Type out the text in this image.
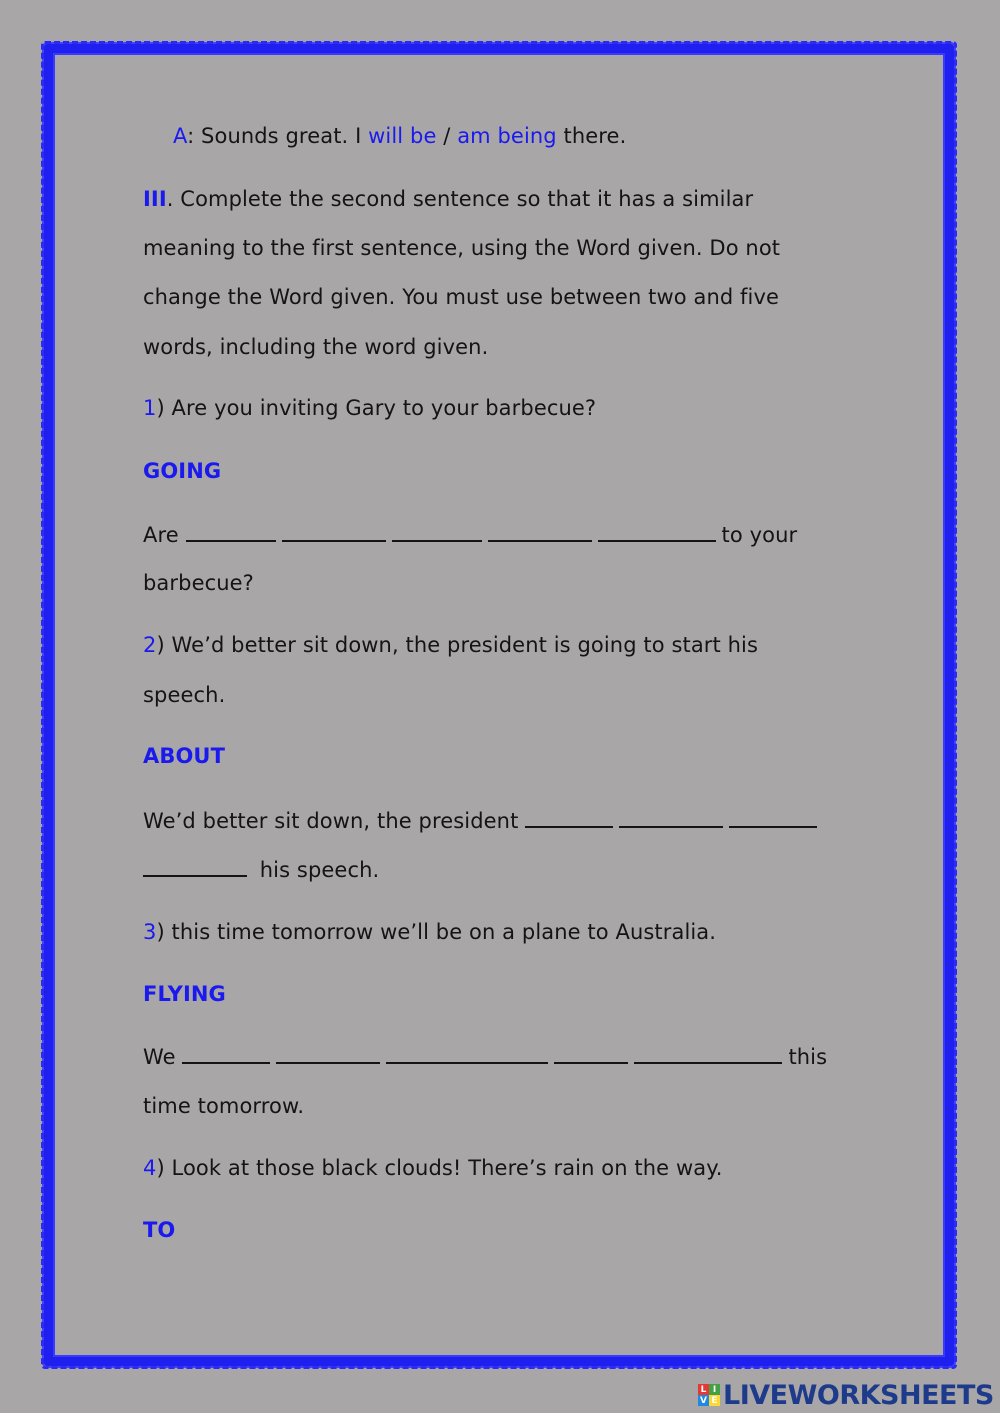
A: Sounds great. I will be / am being there.
III. Complete the second sentence so that it has a similar
meaning to the first sentence, using the Word given. Do not
change the Word given. You must use between two and five
words, including the word given.
1) Are you inviting Gary to your barbecue?
GOING
Are	to your
barbecue?
2) We’d better sit down, the president is going to start his
speech.
ABOUT
We’d better sit down, the president
his speech.
3) this time tomorrow we’ll be on a plane to Australia.
FLYING
We	this
time tomorrow.
4) Look at those black clouds! There’s rain on the way.
TO
L I
V E LIVEWORKSHEETS
